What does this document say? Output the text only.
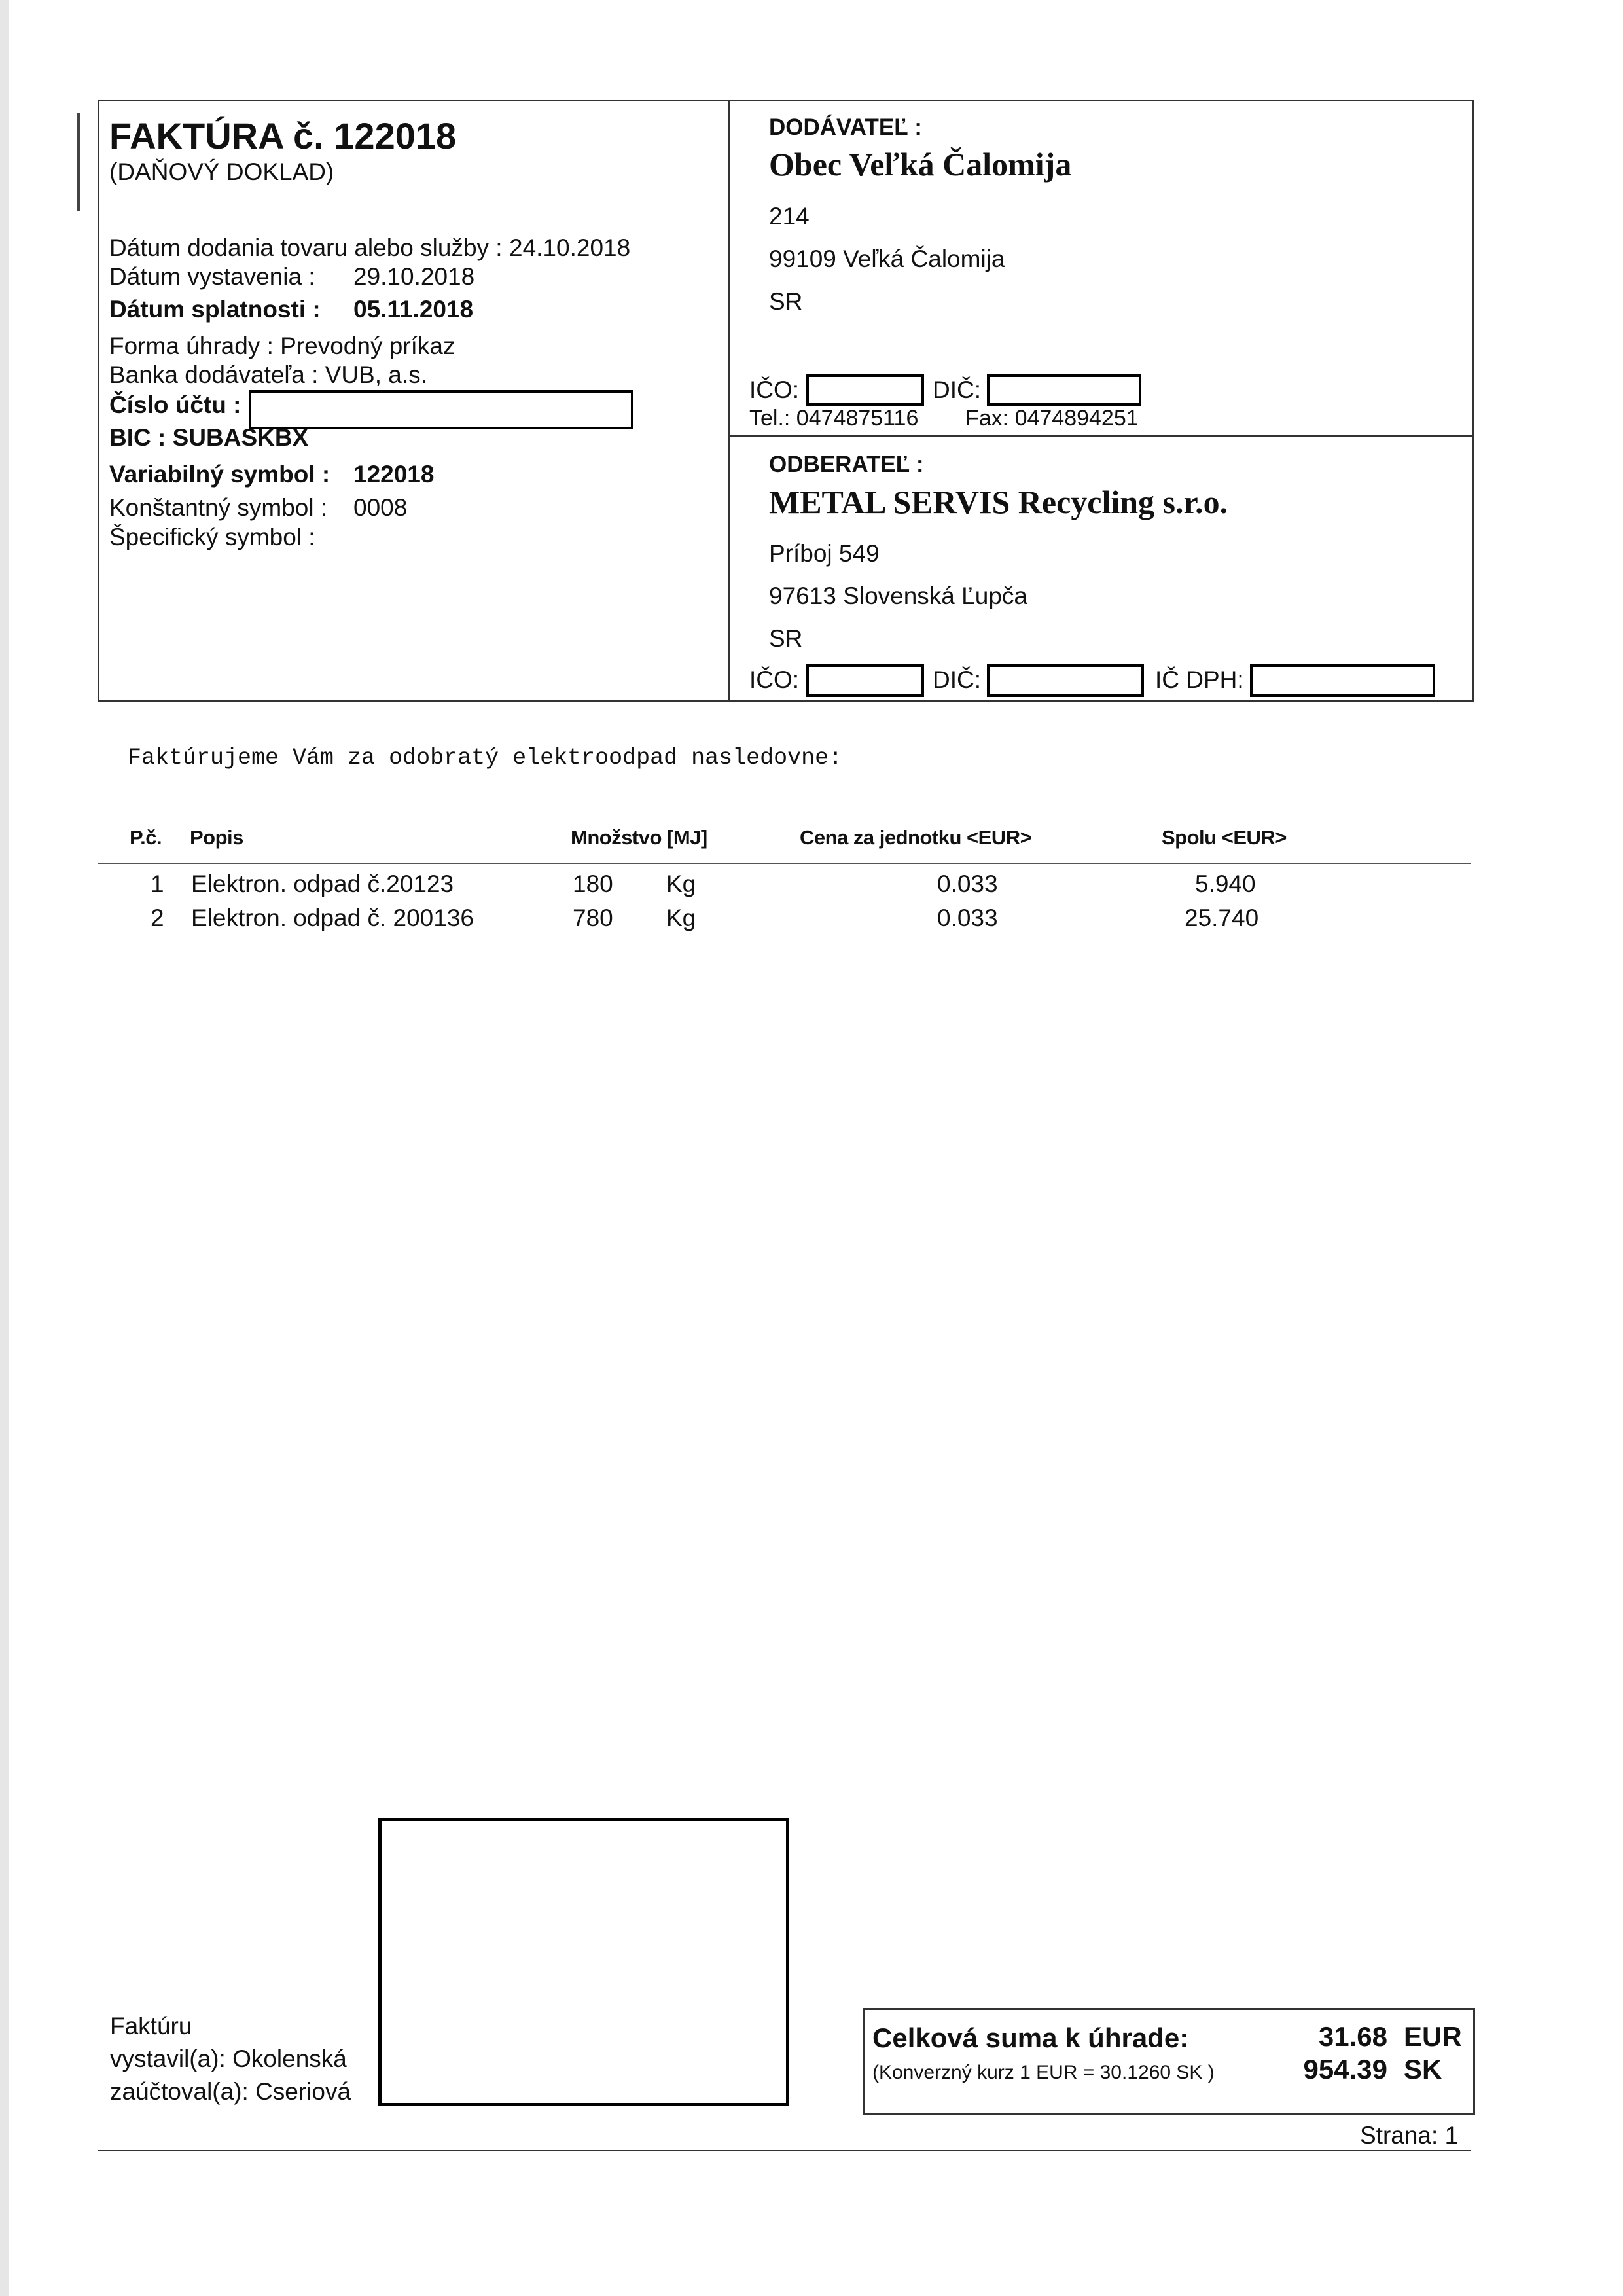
FAKTÚRA č. 122018
(DAŇOVÝ DOKLAD)
Dátum dodania tovaru alebo služby : 24.10.2018
Dátum vystavenia : 29.10.2018
Dátum splatnosti : 05.11.2018
Forma úhrady : Prevodný príkaz
Banka dodávateľa : VUB, a.s.
Číslo účtu :
BIC : SUBASKBX
Variabilný symbol : 122018
Konštantný symbol : 0008
Špecifický symbol :
DODÁVATEĽ :
Obec Veľká Čalomija
214
99109 Veľká Čalomija
SR
IČO:	DIČ:
Tel.: 0474875116 Fax: 0474894251
ODBERATEĽ :
METAL SERVIS Recycling s.r.o.
Príboj 549
97613 Slovenská Ľupča
SR
IČO:	DIČ:	IČ DPH:
Faktúrujeme Vám za odobratý elektroodpad nasledovne:
P.č. Popis	Množstvo [MJ]	Cena za jednotku <EUR>	Spolu <EUR>
1 Elektron. odpad č.20123	180 Kg	0.033	5.940
2 Elektron. odpad č. 200136	780 Kg	0.033	25.740
Faktúru
vystavil(a): Okolenská
zaúčtoval(a): Cseriová
Celková suma k úhrade:
(Konverzný kurz 1 EUR = 30.1260 SK )
31.68 EUR
954.39 SK
Strana: 1
